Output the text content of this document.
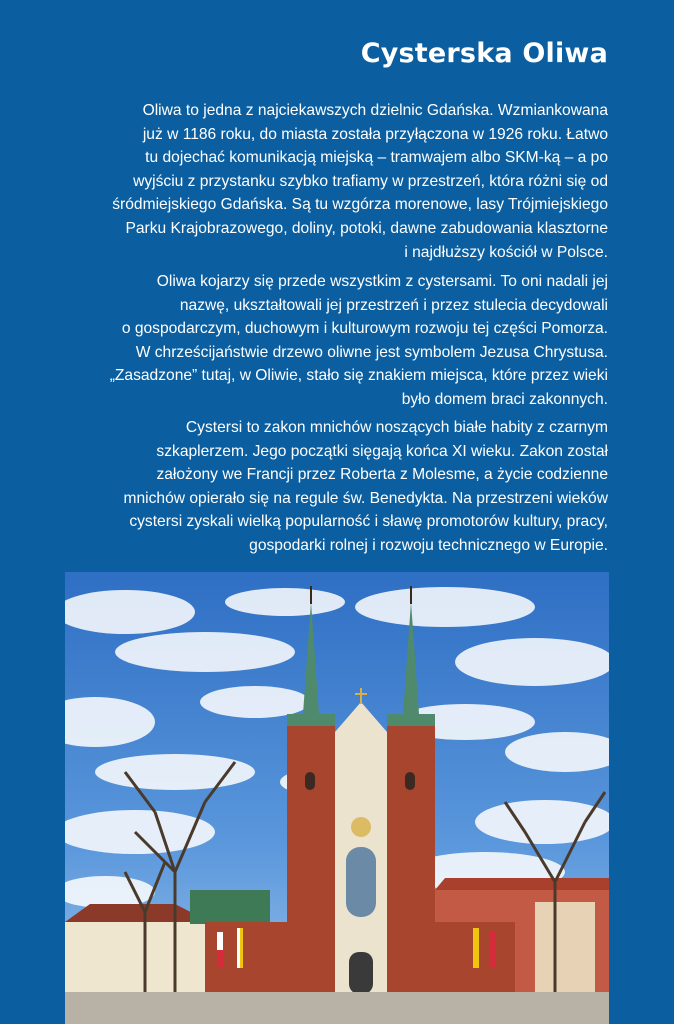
Cysterska Oliwa
Oliwa to jedna z najciekawszych dzielnic Gdańska. Wzmiankowana
już w 1186 roku, do miasta została przyłączona w 1926 roku. Łatwo
tu dojechać komunikacją miejską – tramwajem albo SKM-ką – a po
wyjściu z przystanku szybko trafiamy w przestrzeń, która różni się od
śródmiejskiego Gdańska. Są tu wzgórza morenowe, lasy Trójmiejskiego
Parku Krajobrazowego, doliny, potoki, dawne zabudowania klasztorne
i najdłuższy kościół w Polsce.
Oliwa kojarzy się przede wszystkim z cystersami. To oni nadali jej
nazwę, ukształtowali jej przestrzeń i przez stulecia decydowali
o gospodarczym, duchowym i kulturowym rozwoju tej części Pomorza.
W chrześcijaństwie drzewo oliwne jest symbolem Jezusa Chrystusa.
„Zasadzone” tutaj, w Oliwie, stało się znakiem miejsca, które przez wieki
było domem braci zakonnych.
Cystersi to zakon mnichów noszących białe habity z czarnym
szkaplerzem. Jego początki sięgają końca XI wieku. Zakon został
założony we Francji przez Roberta z Molesme, a życie codzienne
mnichów opierało się na regule św. Benedykta. Na przestrzeni wieków
cystersi zyskali wielką popularność i sławę promotorów kultury, pracy,
gospodarki rolnej i rozwoju technicznego w Europie.
